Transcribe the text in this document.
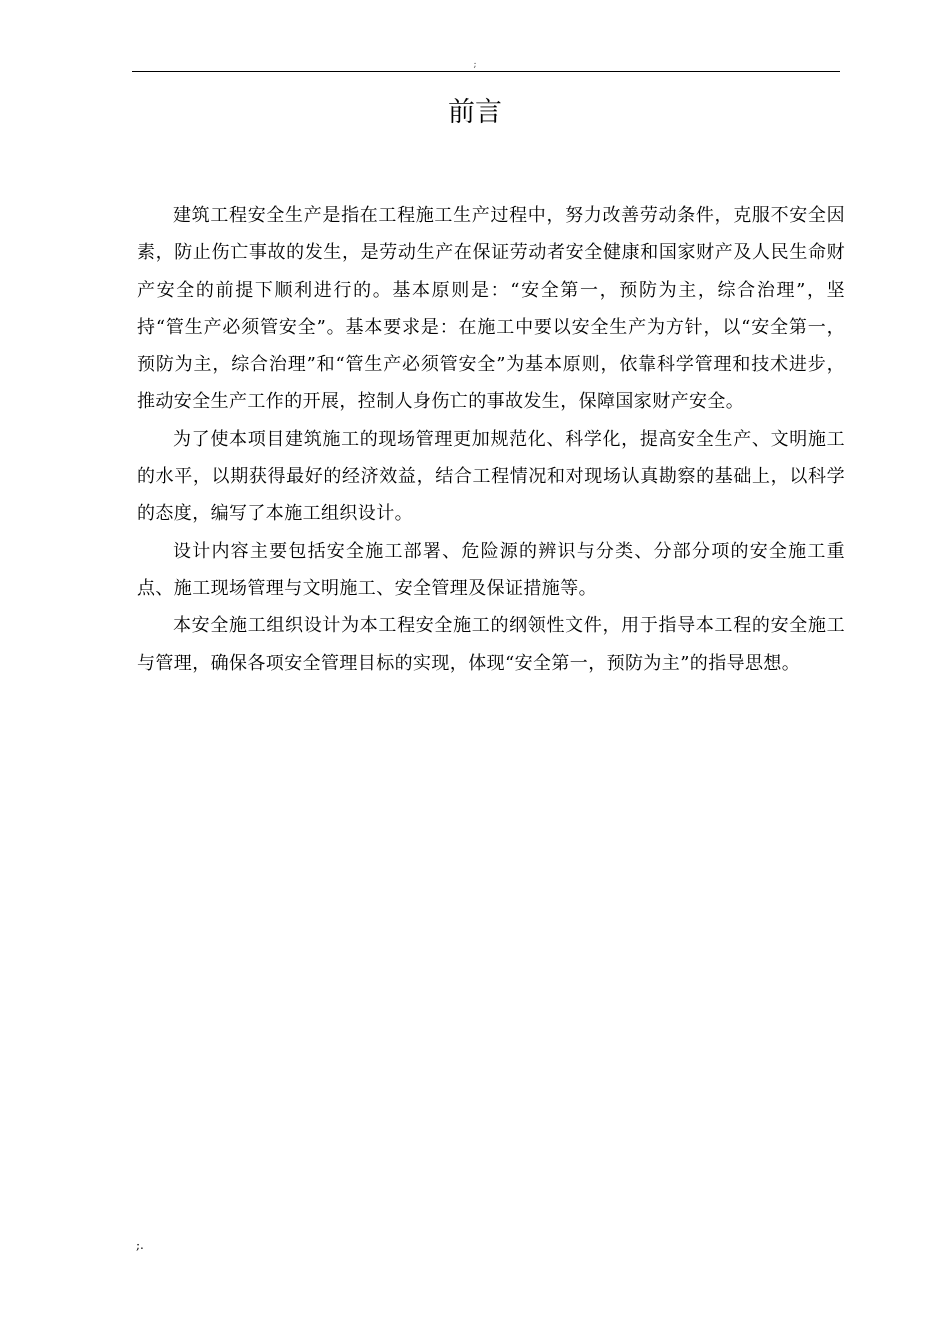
;
前言

建筑工程安全生产是指在工程施工生产过程中，努力改善劳动条件，克服不安全因素，防止伤亡事故的发生，是劳动生产在保证劳动者安全健康和国家财产及人民生命财产安全的前提下顺利进行的。基本原则是：“安全第一，预防为主，综合治理”，坚持“管生产必须管安全”。基本要求是：在施工中要以安全生产为方针，以“安全第一，预防为主，综合治理”和“管生产必须管安全”为基本原则，依靠科学管理和技术进步，推动安全生产工作的开展，控制人身伤亡的事故发生，保障国家财产安全。

为了使本项目建筑施工的现场管理更加规范化、科学化，提高安全生产、文明施工的水平，以期获得最好的经济效益，结合工程情况和对现场认真勘察的基础上，以科学的态度，编写了本施工组织设计。

设计内容主要包括安全施工部署、危险源的辨识与分类、分部分项的安全施工重点、施工现场管理与文明施工、安全管理及保证措施等。

本安全施工组织设计为本工程安全施工的纲领性文件，用于指导本工程的安全施工与管理，确保各项安全管理目标的实现，体现“安全第一，预防为主”的指导思想。

;.
